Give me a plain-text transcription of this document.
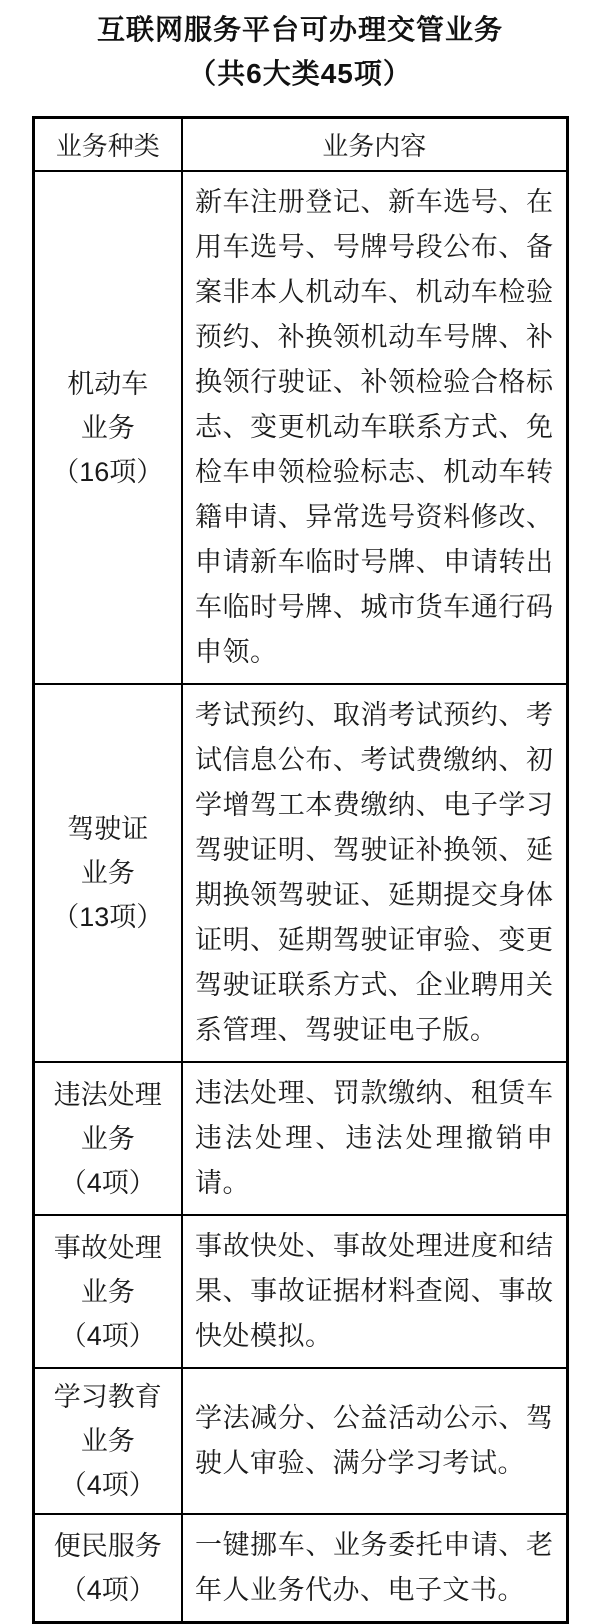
互联网服务平台可办理交管业务
（共6大类45项）
业务种类	业务内容

机动车
业务
（16项）	新车注册登记、新车选号、在用车选号、号牌号段公布、备案非本人机动车、机动车检验预约、补换领机动车号牌、补换领行驶证、补领检验合格标志、变更机动车联系方式、免检车申领检验标志、机动车转籍申请、异常选号资料修改、申请新车临时号牌、申请转出车临时号牌、城市货车通行码申领。

驾驶证
业务
（13项）	考试预约、取消考试预约、考试信息公布、考试费缴纳、初学增驾工本费缴纳、电子学习驾驶证明、驾驶证补换领、延期换领驾驶证、延期提交身体证明、延期驾驶证审验、变更驾驶证联系方式、企业聘用关系管理、驾驶证电子版。

违法处理
业务
（4项）	违法处理、罚款缴纳、租赁车违法处理、违法处理撤销申请。

事故处理
业务
（4项）	事故快处、事故处理进度和结果、事故证据材料查阅、事故快处模拟。

学习教育
业务
（4项）	学法减分、公益活动公示、驾驶人审验、满分学习考试。

便民服务
（4项）	一键挪车、业务委托申请、老年人业务代办、电子文书。
